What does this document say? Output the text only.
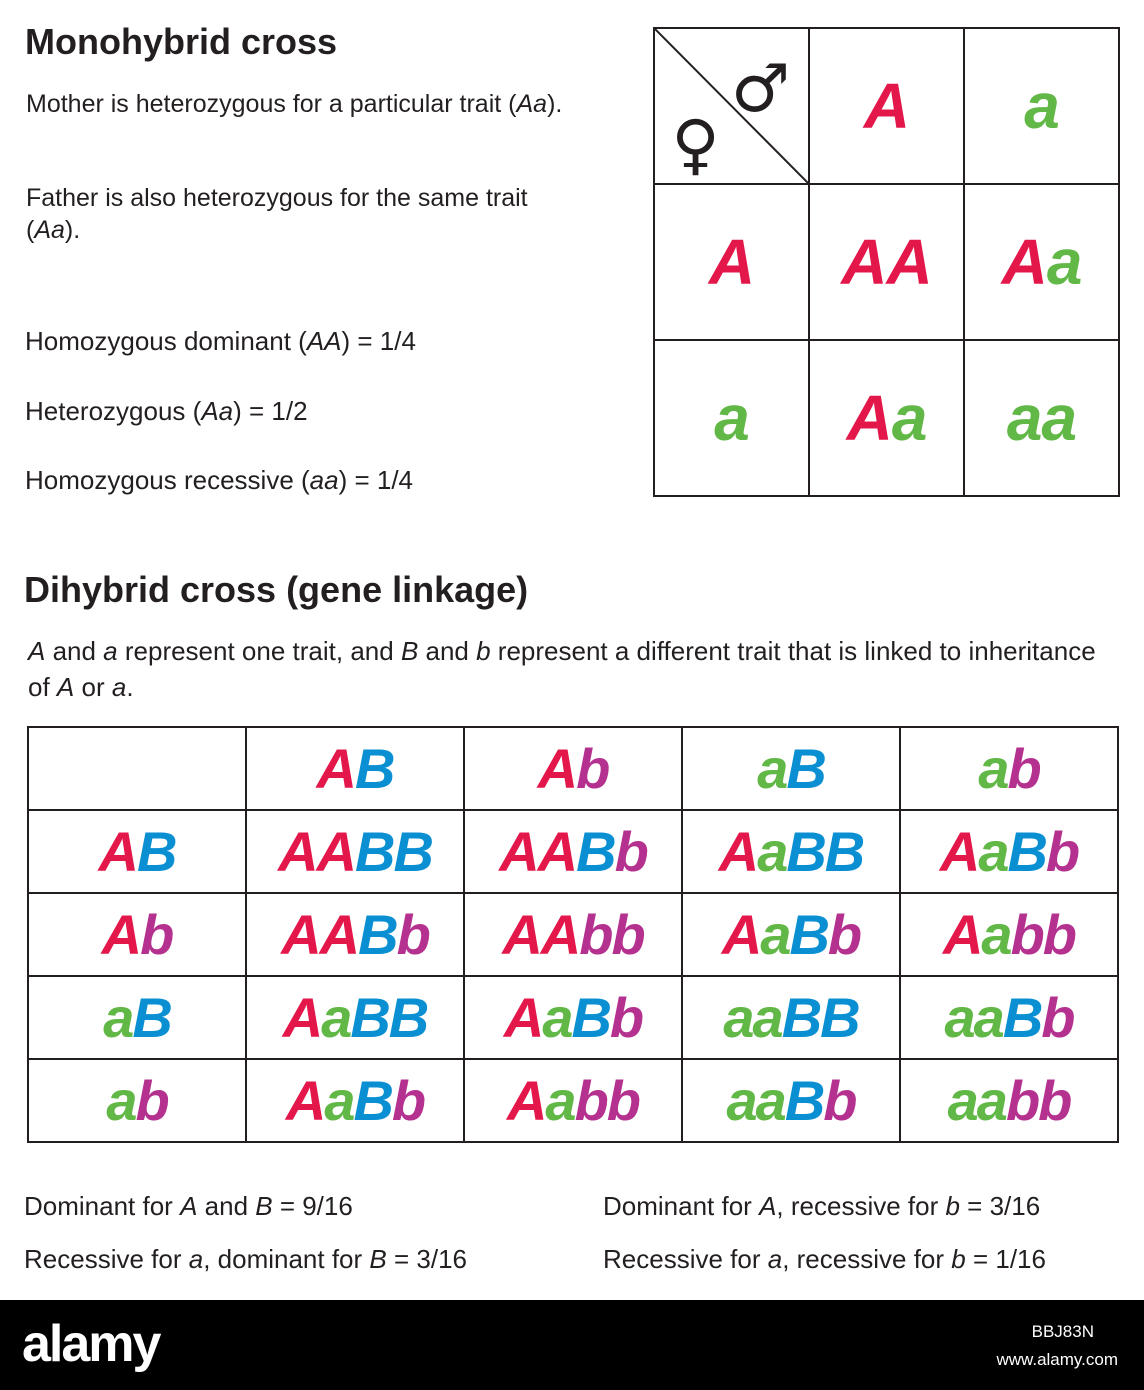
Monohybrid cross

Mother is heterozygous for a particular trait (Aa).

Father is also heterozygous for the same trait (Aa).

Homozygous dominant (AA) = 1/4
Heterozygous (Aa) = 1/2
Homozygous recessive (aa) = 1/4
♂
♀	A	a
A	AA	Aa
a	Aa	aa
Dihybrid cross (gene linkage)

A and a represent one trait, and B and b represent a different trait that is linked to inheritance of A or a.

	AB	Ab	aB	ab
AB	AABB	AABb	AaBB	AaBb
Ab	AABb	AAbb	AaBb	Aabb
aB	AaBB	AaBb	aaBB	aaBb
ab	AaBb	Aabb	aaBb	aabb
Dominant for A and B = 9/16	Dominant for A, recessive for b = 3/16
Recessive for a, dominant for B = 3/16	Recessive for a, recessive for b = 1/16
alamy	BBJ83N
www.alamy.com
